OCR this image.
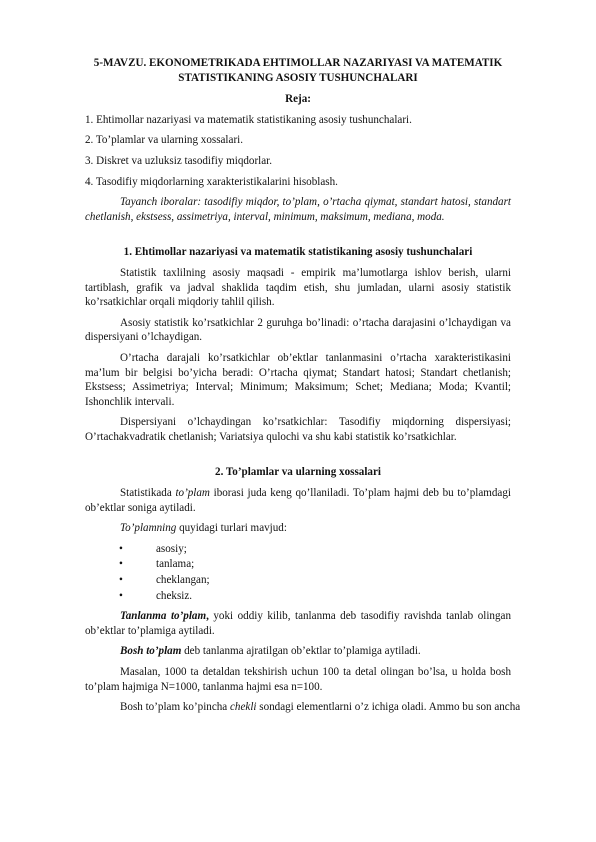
5-MAVZU. EKONOMETRIKADA EHTIMOLLAR NAZARIYASI VA MATEMATIK STATISTIKANING ASOSIY TUSHUNCHALARI
Reja:
1. Ehtimollar nazariyasi va matematik statistikaning asosiy tushunchalari.
2. To’plamlar va ularning xossalari.
3. Diskret va uzluksiz tasodifiy miqdorlar.
4. Tasodifiy miqdorlarning xarakteristikalarini hisoblash.

Tayanch iboralar: tasodifiy miqdor, to’plam, o’rtacha qiymat, standart hatosi, standart chetlanish, ekstsess, assimetriya, interval, minimum, maksimum, mediana, moda.

1. Ehtimollar nazariyasi va matematik statistikaning asosiy tushunchalari

Statistik taxlilning asosiy maqsadi - empirik ma’lumotlarga ishlov berish, ularni tartiblash, grafik va jadval shaklida taqdim etish, shu jumladan, ularni asosiy statistik ko’rsatkichlar orqali miqdoriy tahlil qilish.

Asosiy statistik ko’rsatkichlar 2 guruhga bo’linadi: o’rtacha darajasini o’lchaydigan va dispersiyani o’lchaydigan.

O’rtacha darajali ko’rsatkichlar ob’ektlar tanlanmasini o’rtacha xarakteristikasini ma’lum bir belgisi bo’yicha beradi: O’rtacha qiymat; Standart hatosi; Standart chetlanish; Ekstsess; Assimetriya; Interval; Minimum; Maksimum; Schet; Mediana; Moda; Kvantil; Ishonchlik intervali.

Dispersiyani o’lchaydingan ko’rsatkichlar: Tasodifiy miqdorning dispersiyasi; O’rtachakvadratik chetlanish; Variatsiya qulochi va shu kabi statistik ko’rsatkichlar.

2. To’plamlar va ularning xossalari

Statistikada to’plam iborasi juda keng qo’llaniladi. To’plam hajmi deb bu to’plamdagi ob’ektlar soniga aytiladi.

To’plamning quyidagi turlari mavjud:

•	asosiy;
•	tanlama;
•	cheklangan;
•	cheksiz.

Tanlanma to’plam, yoki oddiy kilib, tanlanma deb tasodifiy ravishda tanlab olingan ob’ektlar to’plamiga aytiladi.

Bosh to’plam deb tanlanma ajratilgan ob’ektlar to’plamiga aytiladi.

Masalan, 1000 ta detaldan tekshirish uchun 100 ta detal olingan bo’lsa, u holda bosh to’plam hajmiga N=1000, tanlanma hajmi esa n=100.

Bosh to’plam ko’pincha chekli sondagi elementlarni o’z ichiga oladi. Ammo bu son ancha
